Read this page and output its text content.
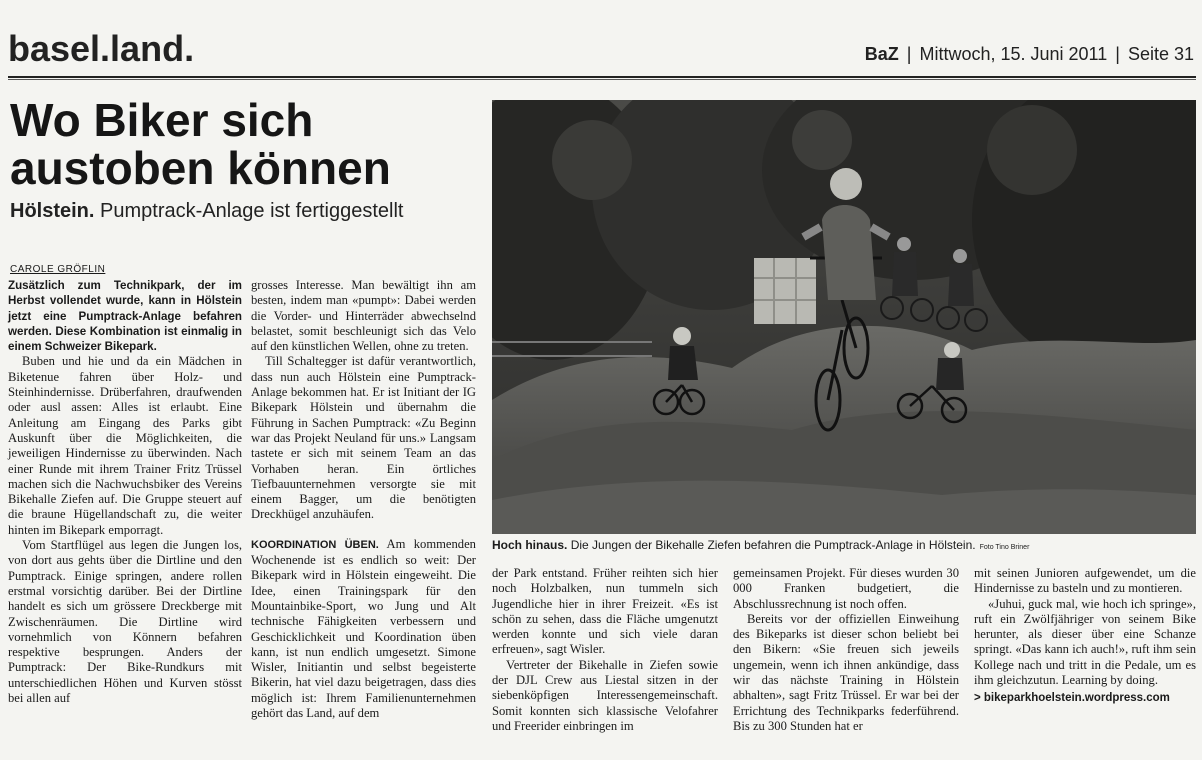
basel.land.	BaZ | Mittwoch, 15. Juni 2011 | Seite 31
Wo Biker sich austoben können
Hölstein. Pumptrack-Anlage ist fertiggestellt
CAROLE GRÖFLIN
Zusätzlich zum Technikpark, der im Herbst vollendet wurde, kann in Hölstein jetzt eine Pumptrack-Anlage befahren werden. Diese Kombination ist einmalig in einem Schweizer Bikepark.

Buben und hie und da ein Mädchen in Biketenue fahren über Holz- und Steinhindernisse. Drüberfahren, draufwenden oder ausl assen: Alles ist erlaubt. Eine Anleitung am Eingang des Parks gibt Auskunft über die Möglichkeiten, die jeweiligen Hindernisse zu überwinden. Nach einer Runde mit ihrem Trainer Fritz Trüssel machen sich die Nachwuchsbiker des Vereins Bikehalle Ziefen auf. Die Gruppe steuert auf die braune Hügellandschaft zu, die weiter hinten im Bikepark emporragt.

Vom Startflügel aus legen die Jungen los, von dort aus gehts über die Dirtline und den Pumptrack. Einige springen, andere rollen erstmal vorsichtig darüber. Bei der Dirtline handelt es sich um grössere Dreckberge mit Zwischenräumen. Die Dirtline wird vornehmlich von Könnern befahren respektive besprungen. Anders der Pumptrack: Der Bike-Rundkurs mit unterschiedlichen Höhen und Kurven stösst bei allen auf

grosses Interesse. Man bewältigt ihn am besten, indem man «pumpt»: Dabei werden die Vorder- und Hinterräder abwechselnd belastet, somit beschleunigt sich das Velo auf den künstlichen Wellen, ohne zu treten.

Till Schaltegger ist dafür verantwortlich, dass nun auch Hölstein eine Pumptrack-Anlage bekommen hat. Er ist Initiant der IG Bikepark Hölstein und übernahm die Führung in Sachen Pumptrack: «Zu Beginn war das Projekt Neuland für uns.» Langsam tastete er sich mit seinem Team an das Vorhaben heran. Ein örtliches Tiefbauunternehmen versorgte sie mit einem Bagger, um die benötigten Dreckhügel anzuhäufen.

KOORDINATION ÜBEN. Am kommenden Wochenende ist es endlich so weit: Der Bikepark wird in Hölstein eingeweiht. Die Idee, einen Trainingspark für den Mountainbike-Sport, wo Jung und Alt technische Fähigkeiten verbessern und Geschicklichkeit und Koordination üben kann, ist nun endlich umgesetzt. Simone Wisler, Initiantin und selbst begeisterte Bikerin, hat viel dazu beigetragen, dass dies möglich ist: Ihrem Familienunternehmen gehört das Land, auf dem

Hoch hinaus. Die Jungen der Bikehalle Ziefen befahren die Pumptrack-Anlage in Hölstein. Foto Tino Briner

der Park entstand. Früher reihten sich hier noch Holzbalken, nun tummeln sich Jugendliche hier in ihrer Freizeit. «Es ist schön zu sehen, dass die Fläche umgenutzt werden konnte und sich viele daran erfreuen», sagt Wisler.

Vertreter der Bikehalle in Ziefen sowie der DJL Crew aus Liestal sitzen in der siebenköpfigen Interessengemeinschaft. Somit konnten sich klassische Velofahrer und Freerider einbringen im

gemeinsamen Projekt. Für dieses wurden 30 000 Franken budgetiert, die Abschlussrechnung ist noch offen.

Bereits vor der offiziellen Einweihung des Bikeparks ist dieser schon beliebt bei den Bikern: «Sie freuen sich jeweils ungemein, wenn ich ihnen ankündige, dass wir das nächste Training in Hölstein abhalten», sagt Fritz Trüssel. Er war bei der Errichtung des Technikparks federführend. Bis zu 300 Stunden hat er

mit seinen Junioren aufgewendet, um die Hindernisse zu basteln und zu montieren.

«Juhui, guck mal, wie hoch ich springe», ruft ein Zwölfjähriger von seinem Bike herunter, als dieser über eine Schanze springt. «Das kann ich auch!», ruft ihm sein Kollege nach und tritt in die Pedale, um es ihm gleichzutun. Learning by doing.

> bikeparkhoelstein.wordpress.com
